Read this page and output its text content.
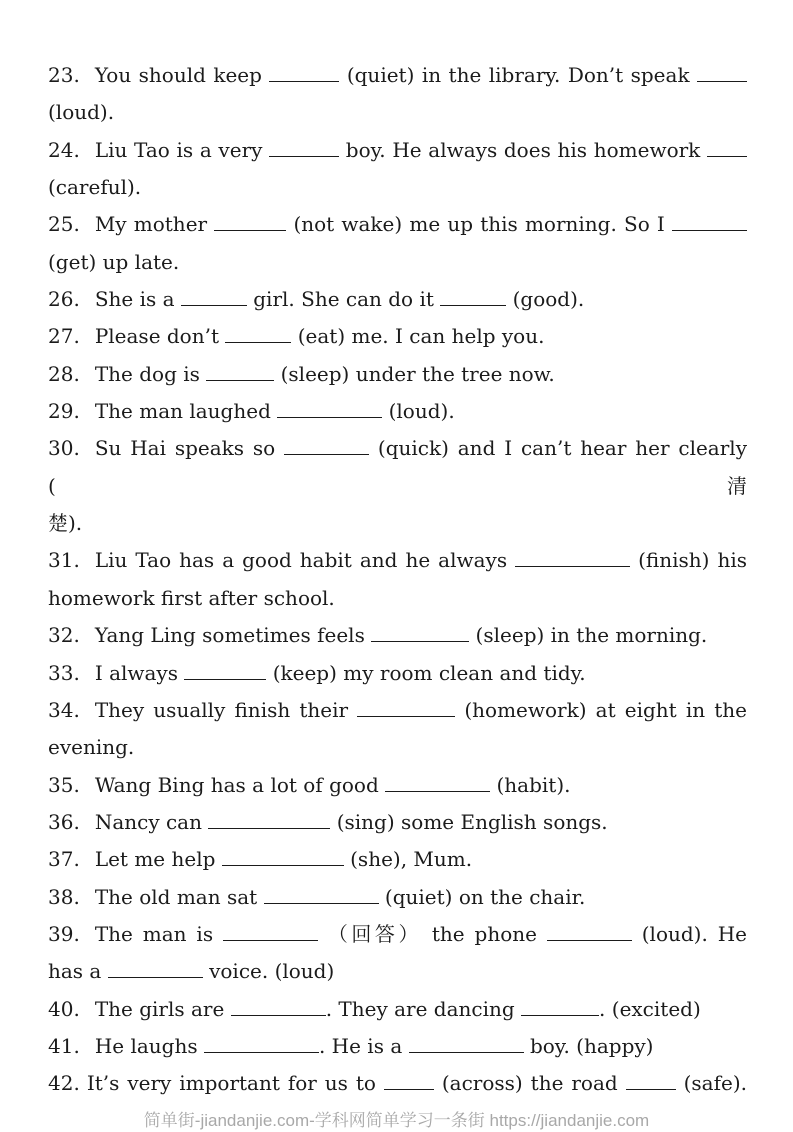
23. You should keep	(quiet) in the library. Don’t speak
(loud).
24. Liu Tao is a very	boy. He always does his homework
(careful).
25. My mother	(not wake) me up this morning. So I
(get) up late.
26. She is a	girl. She can do it	(good).
27. Please don’t	(eat) me. I can help you.
28. The dog is	(sleep) under the tree now.
29. The man laughed	(loud).
30. Su Hai speaks so	(quick) and I can’t hear her clearly (清
楚).
31. Liu Tao has a good habit and he always	(finish) his
homework first after school.
32. Yang Ling sometimes feels	(sleep) in the morning.
33. I always	(keep) my room clean and tidy.
34. They usually finish their	(homework) at eight in the
evening.
35. Wang Bing has a lot of good	(habit).
36. Nancy can	(sing) some English songs.
37. Let me help	(she), Mum.
38. The old man sat	(quiet) on the chair.
39. The man is	（回答） the phone	(loud). He
has a	voice. (loud)
40. The girls are	. They are dancing	. (excited)
41. He laughs	. He is a	boy. (happy)
42. It’s very important for us to	(across) the road	(safe).
简单街-jiandanjie.com-学科网简单学习一条街 https://jiandanjie.com
